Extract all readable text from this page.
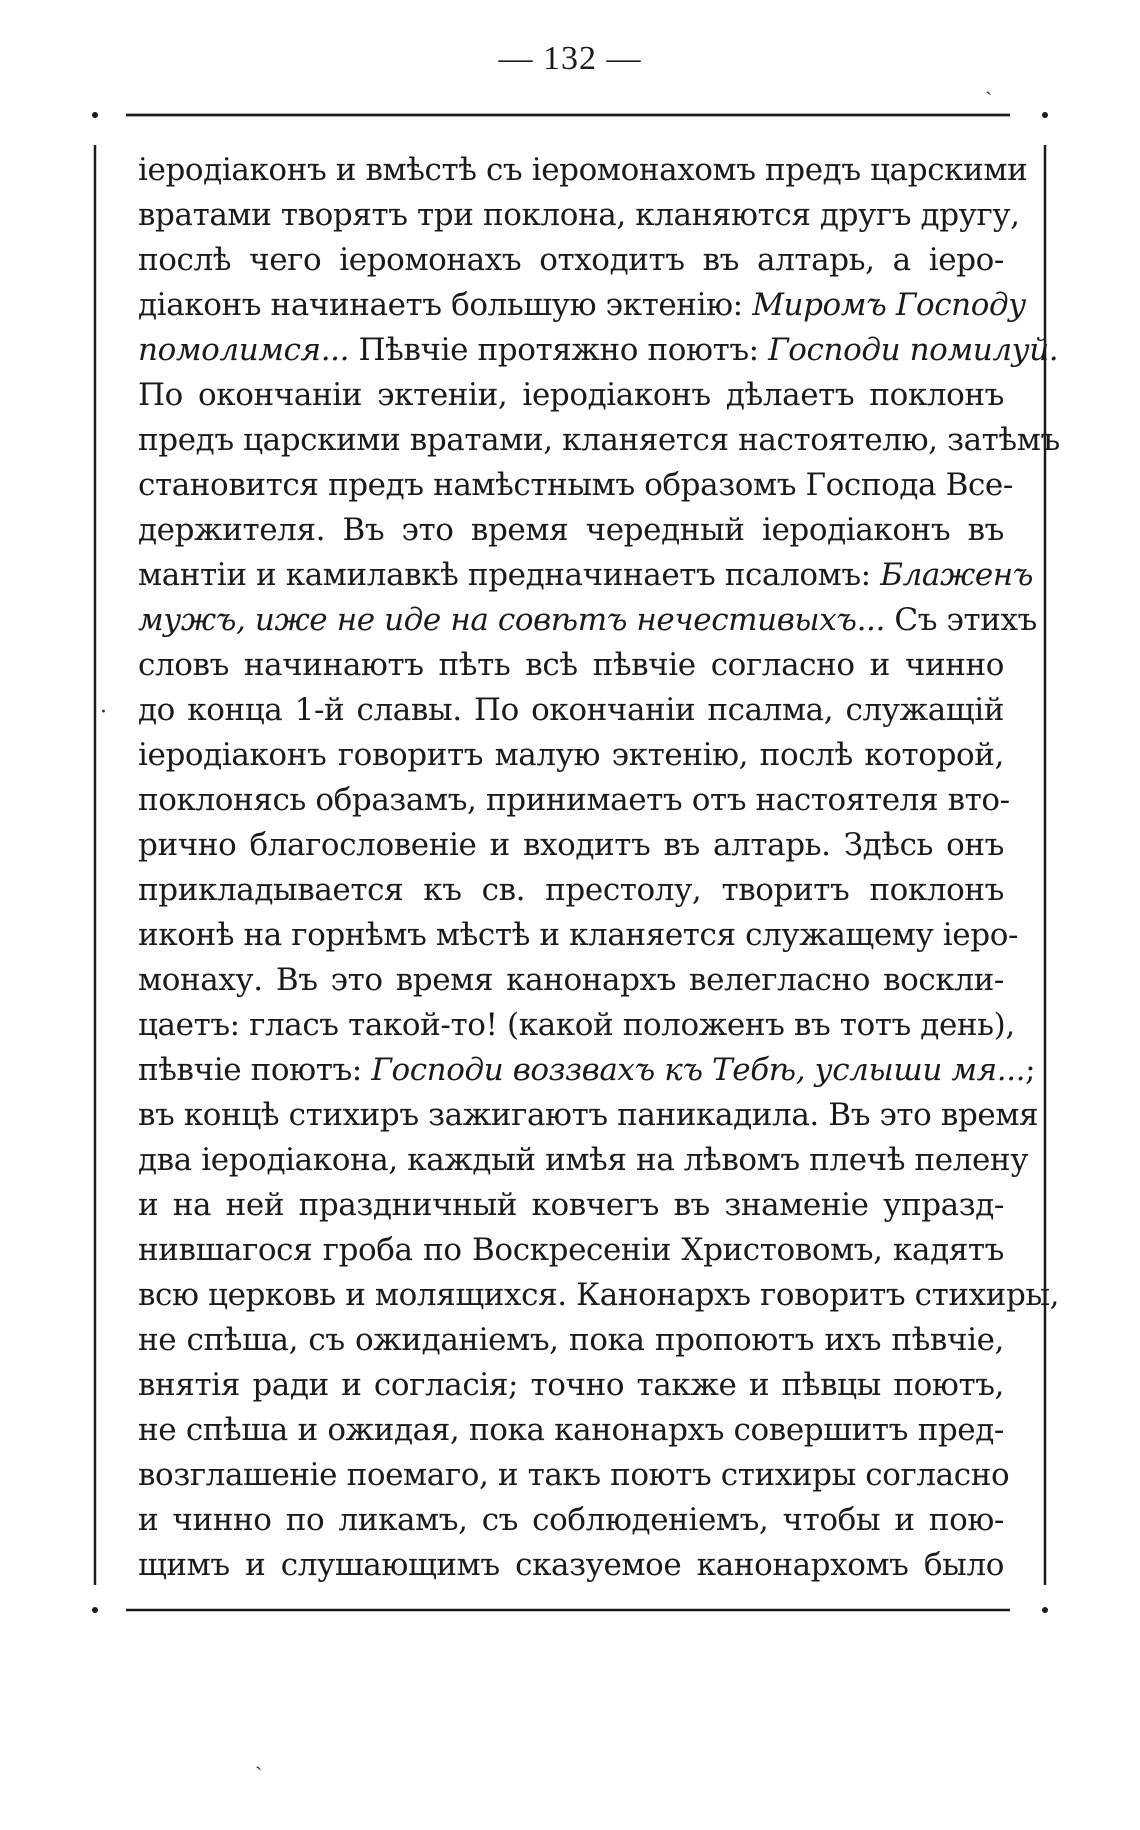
— 132 —
іеродіаконъ и вмѣстѣ съ іеромонахомъ предъ царскими
вратами творятъ три поклона, кланяются другъ другу,
послѣ чего іеромонахъ отходитъ въ алтарь, а іеро-
діаконъ начинаетъ большую эктенію: Миромъ Господу
помолимся... Пѣвчіе протяжно поютъ: Господи помилуй.
По окончаніи эктеніи, іеродіаконъ дѣлаетъ поклонъ
предъ царскими вратами, кланяется настоятелю, затѣмъ
становится предъ намѣстнымъ образомъ Господа Все-
держителя. Въ это время чередный іеродіаконъ въ
мантіи и камилавкѣ предначинаетъ псаломъ: Блаженъ
мужъ, иже не иде на совѣтъ нечестивыхъ... Съ этихъ
словъ начинаютъ пѣть всѣ пѣвчіе согласно и чинно
до конца 1-й славы. По окончаніи псалма, служащій
іеродіаконъ говоритъ малую эктенію, послѣ которой,
поклонясь образамъ, принимаетъ отъ настоятеля вто-
рично благословеніе и входитъ въ алтарь. Здѣсь онъ
прикладывается къ св. престолу, творитъ поклонъ
иконѣ на горнѣмъ мѣстѣ и кланяется служащему іеро-
монаху. Въ это время канонархъ велегласно воскли-
цаетъ: гласъ такой-то! (какой положенъ въ тотъ день),
пѣвчіе поютъ: Господи воззвахъ къ Тебѣ, услыши мя...;
въ концѣ стихиръ зажигаютъ паникадила. Въ это время
два іеродіакона, каждый имѣя на лѣвомъ плечѣ пелену
и на ней праздничный ковчегъ въ знаменіе упразд-
нившагося гроба по Воскресеніи Христовомъ, кадятъ
всю церковь и молящихся. Канонархъ говоритъ стихиры,
не спѣша, съ ожиданіемъ, пока пропоютъ ихъ пѣвчіе,
внятія ради и согласія; точно также и пѣвцы поютъ,
не спѣша и ожидая, пока канонархъ совершитъ пред-
возглашеніе поемаго, и такъ поютъ стихиры согласно
и чинно по ликамъ, съ соблюденіемъ, чтобы и пою-
щимъ и слушающимъ сказуемое канонархомъ было
ˏ
·
ˏ
